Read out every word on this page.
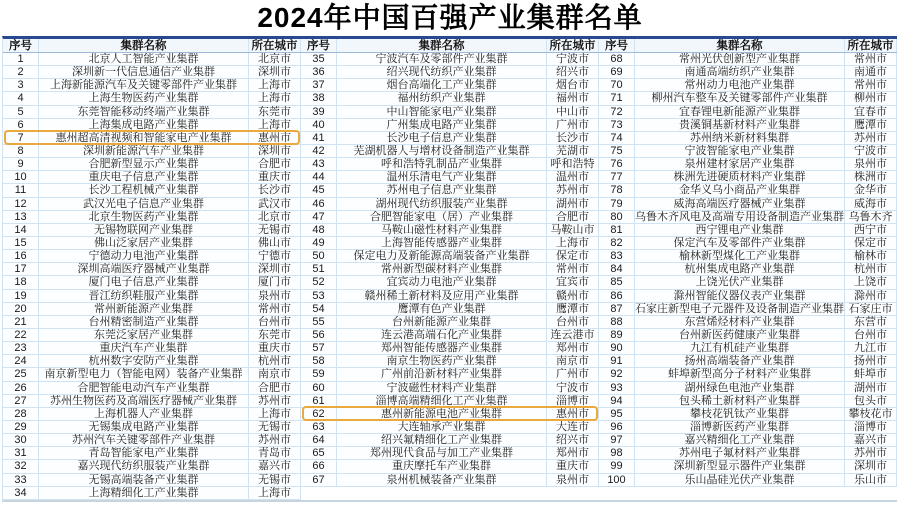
2024年中国百强产业集群名单
序号	集群名称	所在城市
1	北京人工智能产业集群	北京市
2	深圳新一代信息通信产业集群	深圳市
3	上海新能源汽车及关键零部件产业集群	上海市
4	上海生物医药产业集群	上海市
5	东莞智能移动终端产业集群	东莞市
6	上海集成电路产业集群	上海市
7	惠州超高清视频和智能家电产业集群	惠州市
8	深圳新能源汽车产业集群	深圳市
9	合肥新型显示产业集群	合肥市
10	重庆电子信息产业集群	重庆市
11	长沙工程机械产业集群	长沙市
12	武汉光电子信息产业集群	武汉市
13	北京生物医药产业集群	北京市
14	无锡物联网产业集群	无锡市
15	佛山泛家居产业集群	佛山市
16	宁德动力电池产业集群	宁德市
17	深圳高端医疗器械产业集群	深圳市
18	厦门电子信息产业集群	厦门市
19	晋江纺织鞋服产业集群	泉州市
20	常州新能源产业集群	常州市
21	台州精密制造产业集群	台州市
22	东莞泛家居产业集群	东莞市
23	重庆汽车产业集群	重庆市
24	杭州数字安防产业集群	杭州市
25	南京新型电力（智能电网）装备产业集群	南京市
26	合肥智能电动汽车产业集群	合肥市
27	苏州生物医药及高端医疗器械产业集群	苏州市
28	上海机器人产业集群	上海市
29	无锡集成电路产业集群	无锡市
30	苏州汽车关键零部件产业集群	苏州市
31	青岛智能家电产业集群	青岛市
32	嘉兴现代纺织服装产业集群	嘉兴市
33	无锡高端装备产业集群	无锡市
34	上海精细化工产业集群	上海市
序号	集群名称	所在城市
35	宁波汽车及零部件产业集群	宁波市
36	绍兴现代纺织产业集群	绍兴市
37	烟台高端化工产业集群	烟台市
38	福州纺织产业集群	福州市
39	中山智能家电产业集群	中山市
40	广州集成电路产业集群	广州市
41	长沙电子信息产业集群	长沙市
42	芜湖机器人与增材设备制造产业集群	芜湖市
43	呼和浩特乳制品产业集群	呼和浩特
44	温州乐清电气产业集群	温州市
45	苏州电子信息产业集群	苏州市
46	湖州现代纺织服装产业集群	湖州市
47	合肥智能家电（居）产业集群	合肥市
48	马鞍山磁性材料产业集群	马鞍山市
49	上海智能传感器产业集群	上海市
50	保定电力及新能源高端装备产业集群	保定市
51	常州新型碳材料产业集群	常州市
52	宜宾动力电池产业集群	宜宾市
53	赣州稀土新材料及应用产业集群	赣州市
54	鹰潭有色产业集群	鹰潭市
55	台州新能源产业集群	台州市
56	连云港高端石化产业集群	连云港市
57	郑州智能传感器产业集群	郑州市
58	南京生物医药产业集群	南京市
59	广州前沿新材料产业集群	广州市
60	宁波磁性材料产业集群	宁波市
61	淄博高端精细化工产业集群	淄博市
62	惠州新能源电池产业集群	惠州市
63	大连轴承产业集群	大连市
64	绍兴氟精细化工产业集群	绍兴市
65	郑州现代食品与加工产业集群	郑州市
66	重庆摩托车产业集群	重庆市
67	泉州机械装备产业集群	泉州市
序号	集群名称	所在城市
68	常州光伏创新型产业集群	常州市
69	南通高端纺织产业集群	南通市
70	常州动力电池产业集群	常州市
71	柳州汽车整车及关键零部件产业集群	柳州市
72	宜春锂电新能源产业集群	宜春市
73	贵溪铜基新材料产业集群	鹰潭市
74	苏州纳米新材料集群	苏州市
75	宁波智能家电产业集群	宁波市
76	泉州建材家居产业集群	泉州市
77	株洲先进硬质材料产业集群	株洲市
78	金华义乌小商品产业集群	金华市
79	威海高端医疗器械产业集群	威海市
80	乌鲁木齐风电及高端专用设备制造产业集群 乌鲁木齐
81	西宁锂电产业集群	西宁市
82	保定汽车及零部件产业集群	保定市
83	榆林新型煤化工产业集群	榆林市
84	杭州集成电路产业集群	杭州市
85	上饶光伏产业集群	上饶市
86	滁州智能仪器仪表产业集群	滁州市
87	石家庄新型电子元器件及设备制造产业集群 石家庄市
88	东营烯烃材料产业集群	东营市
89	台州新医药健康产业集群	台州市
90	九江有机硅产业集群	九江市
91	扬州高端装备产业集群	扬州市
92	蚌埠新型高分子材料产业集群	蚌埠市
93	湖州绿色电池产业集群	湖州市
94	包头稀土新材料产业集群	包头市
95	攀枝花钒钛产业集群	攀枝花市
96	淄博新医药产业集群	淄博市
97	嘉兴精细化工产业集群	嘉兴市
98	苏州电子氟材料产业集群	苏州市
99	深圳新型显示器件产业集群	深圳市
100	乐山晶硅光伏产业集群	乐山市
